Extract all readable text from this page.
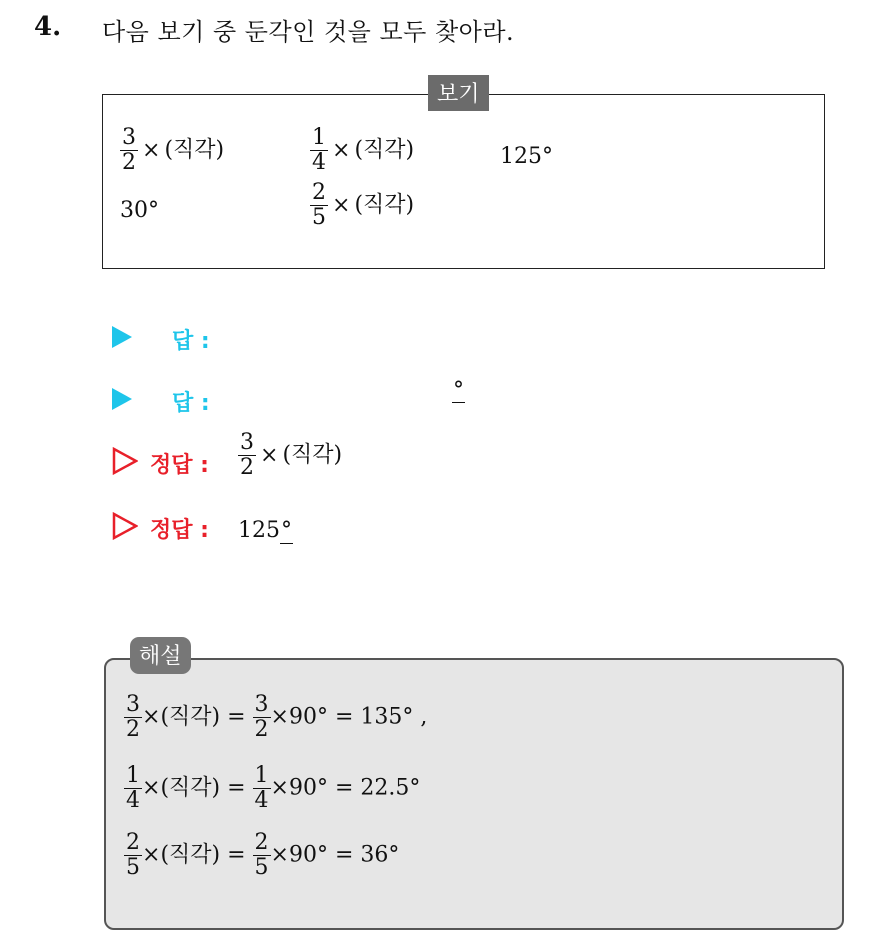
4. 다음 보기 중 둔각인 것을 모두 찾아라.
보기
$\frac{3}{2}$ × (직각)	$\frac{1}{4}$ × (직각)	125°
30°	$\frac{2}{5}$ × (직각)
답 :
답 :
°
정답 : $\frac{3}{2}$ × (직각)
정답 : 125°
해설
$\frac{3}{2}$ ×(직각) = $\frac{3}{2} \times 90^\circ = 135^\circ$ ,
$\frac{1}{4}$ ×(직각) = $\frac{1}{4} \times 90^\circ = 22.5^\circ$
$\frac{2}{5}$ ×(직각) = $\frac{2}{5} \times 90^\circ = 36^\circ$
